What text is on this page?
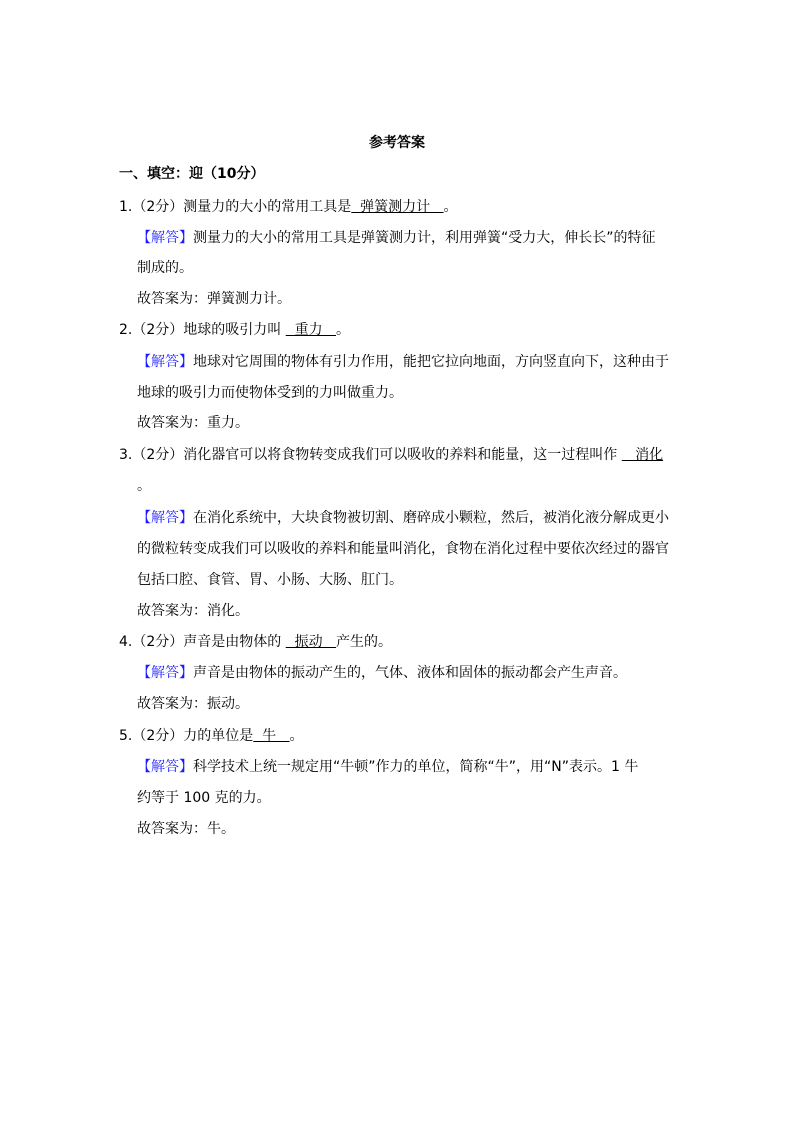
参考答案
一、填空：迎（10分）
1.（2分）测量力的大小的常用工具是  弹簧测力计   。
【解答】测量力的大小的常用工具是弹簧测力计，利用弹簧“受力大，伸长长”的特征
制成的。
故答案为：弹簧测力计。
2.（2分）地球的吸引力叫   重力   。
【解答】地球对它周围的物体有引力作用，能把它拉向地面，方向竖直向下，这种由于
地球的吸引力而使物体受到的力叫做重力。
故答案为：重力。
3.（2分）消化器官可以将食物转变成我们可以吸收的养料和能量，这一过程叫作    消化
。
【解答】在消化系统中，大块食物被切割、磨碎成小颗粒，然后，被消化液分解成更小
的微粒转变成我们可以吸收的养料和能量叫消化，食物在消化过程中要依次经过的器官
包括口腔、食管、胃、小肠、大肠、肛门。
故答案为：消化。
4.（2分）声音是由物体的   振动   产生的。
【解答】声音是由物体的振动产生的，气体、液体和固体的振动都会产生声音。
故答案为：振动。
5.（2分）力的单位是  牛   。
【解答】科学技术上统一规定用“牛顿”作力的单位，简称“牛”，用“N”表示。1 牛
约等于 100 克的力。
故答案为：牛。
